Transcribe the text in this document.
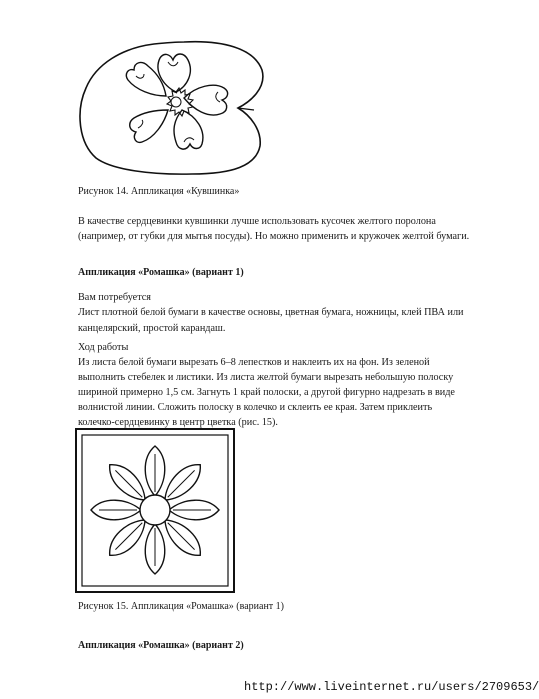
Рисунок 14. Аппликация «Кувшинка»
В качестве сердцевинки кувшинки лучше использовать кусочек желтого поролона
(например, от губки для мытья посуды). Но можно применить и кружочек желтой бумаги.
Аппликация «Ромашка» (вариант 1)
Вам потребуется
Лист плотной белой бумаги в качестве основы, цветная бумага, ножницы, клей ПВА или
канцелярский, простой карандаш.
Ход работы
Из листа белой бумаги вырезать 6–8 лепестков и наклеить их на фон. Из зеленой
выполнить стебелек и листики. Из листа желтой бумаги вырезать небольшую полоску
шириной примерно 1,5 см. Загнуть 1 край полоски, а другой фигурно надрезать в виде
волнистой линии. Сложить полоску в колечко и склеить ее края. Затем приклеить
колечко-сердцевинку в центр цветка (рис. 15).
Рисунок 15. Аппликация «Ромашка» (вариант 1)
Аппликация «Ромашка» (вариант 2)
http://www.liveinternet.ru/users/2709653/
